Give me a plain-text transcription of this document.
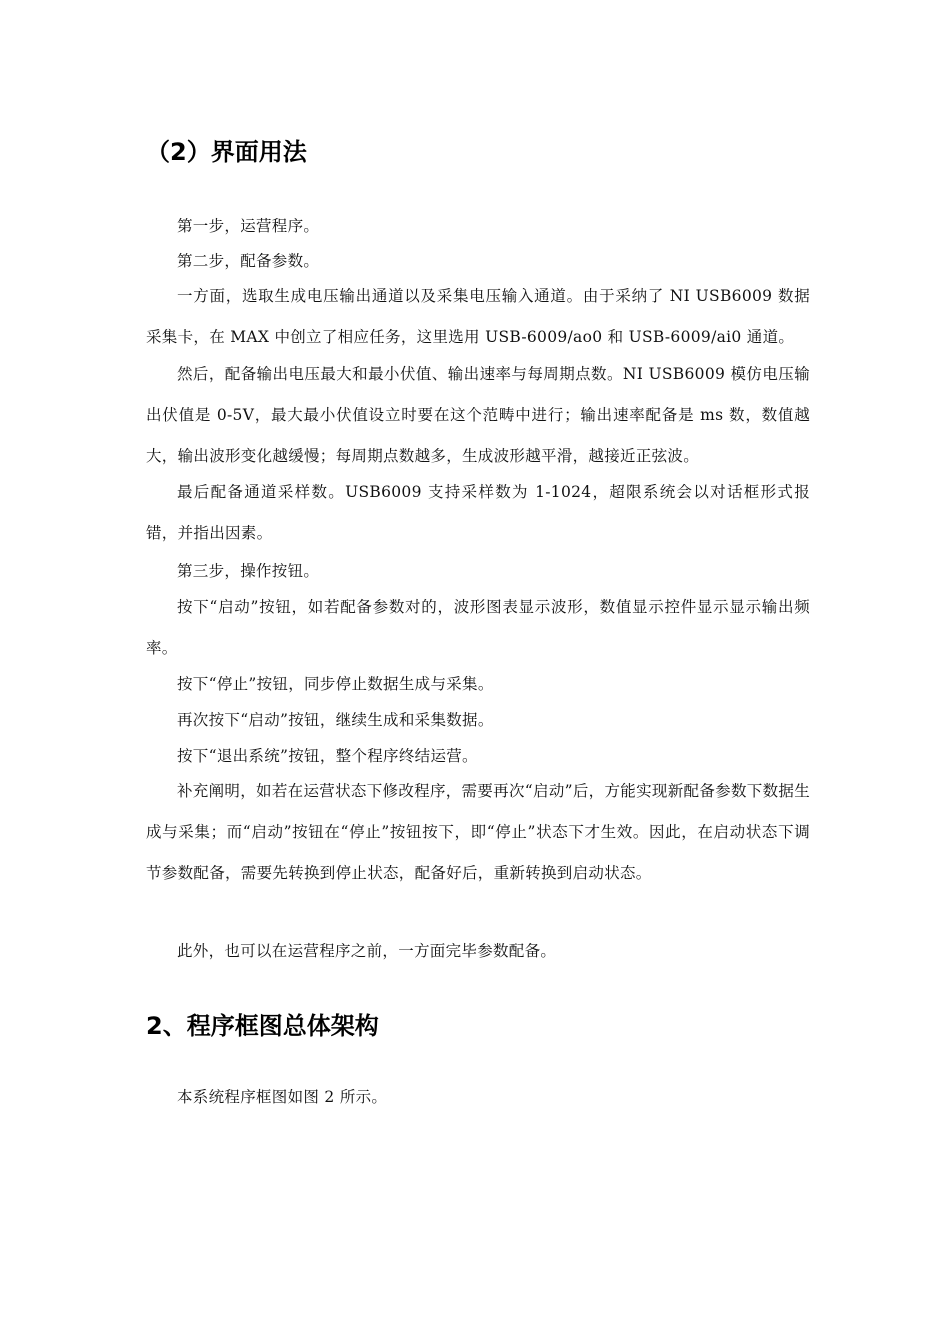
（2）界面用法

第一步，运营程序。

第二步，配备参数。

一方面，选取生成电压输出通道以及采集电压输入通道。由于采纳了 NI USB6009 数据采集卡，在 MAX 中创立了相应任务，这里选用 USB-6009/ao0 和 USB-6009/ai0 通道。

然后，配备输出电压最大和最小伏值、输出速率与每周期点数。NI USB6009 模仿电压输出伏值是 0-5V，最大最小伏值设立时要在这个范畴中进行；输出速率配备是 ms 数，数值越大，输出波形变化越缓慢；每周期点数越多，生成波形越平滑，越接近正弦波。

最后配备通道采样数。USB6009 支持采样数为 1-1024，超限系统会以对话框形式报错，并指出因素。

第三步，操作按钮。

按下“启动”按钮，如若配备参数对的，波形图表显示波形，数值显示控件显示显示输出频率。

按下“停止”按钮，同步停止数据生成与采集。

再次按下“启动”按钮，继续生成和采集数据。

按下“退出系统”按钮，整个程序终结运营。

补充阐明，如若在运营状态下修改程序，需要再次“启动”后，方能实现新配备参数下数据生成与采集；而“启动”按钮在“停止”按钮按下，即“停止”状态下才生效。因此，在启动状态下调节参数配备，需要先转换到停止状态，配备好后，重新转换到启动状态。

此外，也可以在运营程序之前，一方面完毕参数配备。

2、程序框图总体架构

本系统程序框图如图 2 所示。
